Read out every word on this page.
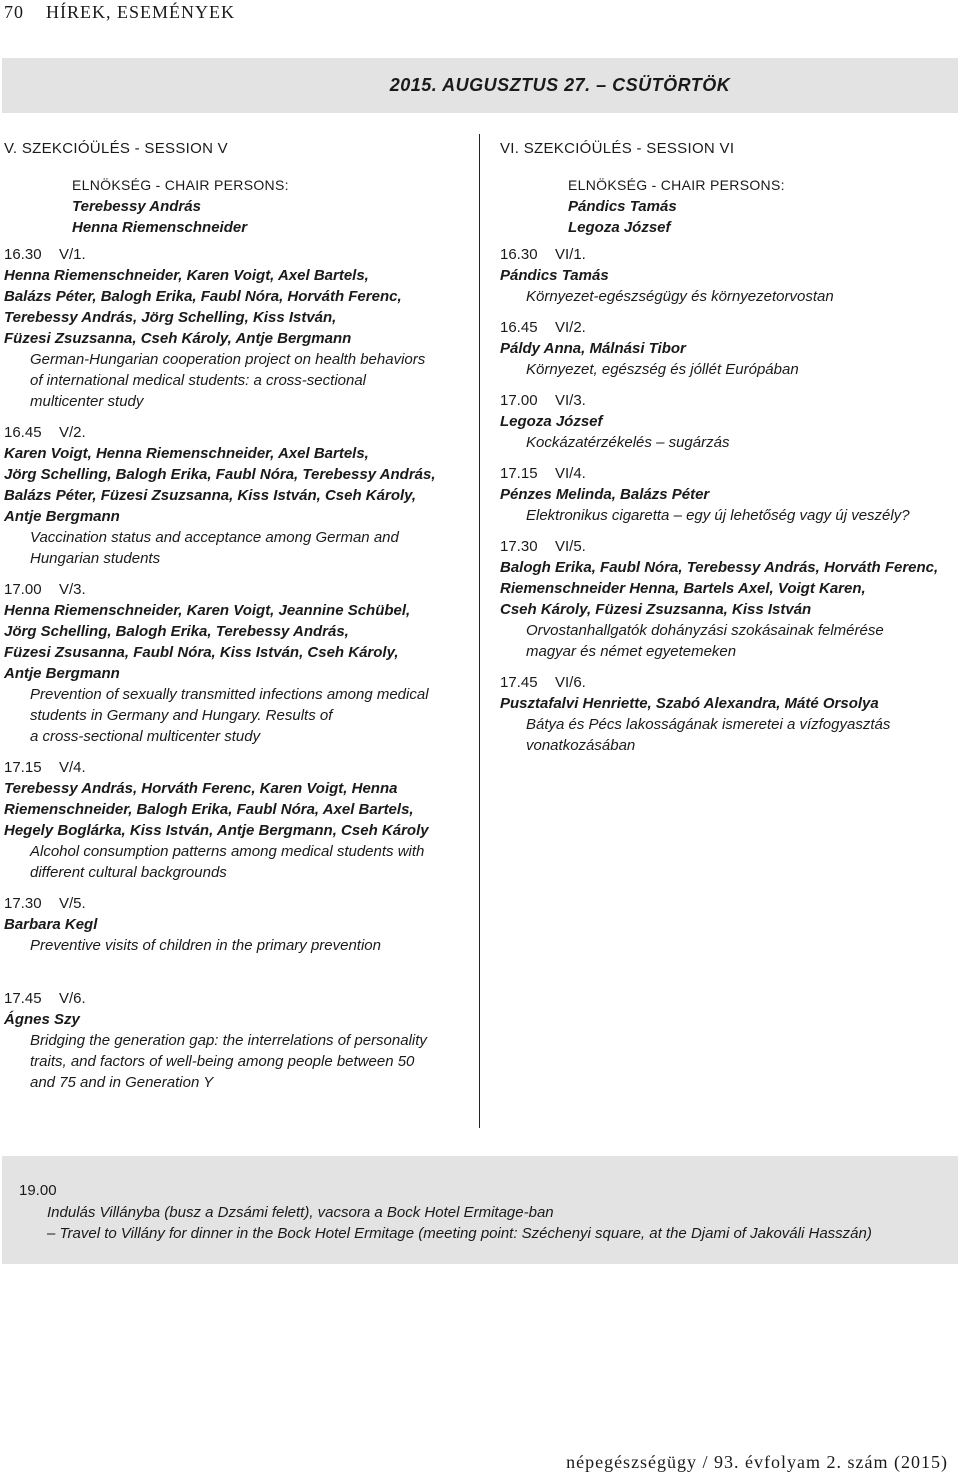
70 HÍREK, ESEMÉNYEK
2015. AUGUSZTUS 27. – CSÜTÖRTÖK
V. SZEKCIÓÜLÉS - SESSION V
ELNÖKSÉG - CHAIR PERSONS:
Terebessy András
Henna Riemenschneider
16.30 V/1.
Henna Riemenschneider, Karen Voigt, Axel Bartels,
Balázs Péter, Balogh Erika, Faubl Nóra, Horváth Ferenc,
Terebessy András, Jörg Schelling, Kiss István,
Füzesi Zsuzsanna, Cseh Károly, Antje Bergmann
German-Hungarian cooperation project on health behaviors
of international medical students: a cross-sectional
multicenter study
16.45 V/2.
Karen Voigt, Henna Riemenschneider, Axel Bartels,
Jörg Schelling, Balogh Erika, Faubl Nóra, Terebessy András,
Balázs Péter, Füzesi Zsuzsanna, Kiss István, Cseh Károly,
Antje Bergmann
Vaccination status and acceptance among German and
Hungarian students
17.00 V/3.
Henna Riemenschneider, Karen Voigt, Jeannine Schübel,
Jörg Schelling, Balogh Erika, Terebessy András,
Füzesi Zsusanna, Faubl Nóra, Kiss István, Cseh Károly,
Antje Bergmann
Prevention of sexually transmitted infections among medical
students in Germany and Hungary. Results of
a cross-sectional multicenter study
17.15 V/4.
Terebessy András, Horváth Ferenc, Karen Voigt, Henna
Riemenschneider, Balogh Erika, Faubl Nóra, Axel Bartels,
Hegely Boglárka, Kiss István, Antje Bergmann, Cseh Károly
Alcohol consumption patterns among medical students with
different cultural backgrounds
17.30 V/5.
Barbara Kegl
Preventive visits of children in the primary prevention
17.45 V/6.
Ágnes Szy
Bridging the generation gap: the interrelations of personality
traits, and factors of well-being among people between 50
and 75 and in Generation Y
VI. SZEKCIÓÜLÉS - SESSION VI
ELNÖKSÉG - CHAIR PERSONS:
Pándics Tamás
Legoza József
16.30 VI/1.
Pándics Tamás
Környezet-egészségügy és környezetorvostan
16.45 VI/2.
Páldy Anna, Málnási Tibor
Környezet, egészség és jóllét Európában
17.00 VI/3.
Legoza József
Kockázatérzékelés – sugárzás
17.15 VI/4.
Pénzes Melinda, Balázs Péter
Elektronikus cigaretta – egy új lehetőség vagy új veszély?
17.30 VI/5.
Balogh Erika, Faubl Nóra, Terebessy András, Horváth Ferenc,
Riemenschneider Henna, Bartels Axel, Voigt Karen,
Cseh Károly, Füzesi Zsuzsanna, Kiss István
Orvostanhallgatók dohányzási szokásainak felmérése
magyar és német egyetemeken
17.45 VI/6.
Pusztafalvi Henriette, Szabó Alexandra, Máté Orsolya
Bátya és Pécs lakosságának ismeretei a vízfogyasztás
vonatkozásában
19.00
Indulás Villányba (busz a Dzsámi felett), vacsora a Bock Hotel Ermitage-ban
– Travel to Villány for dinner in the Bock Hotel Ermitage (meeting point: Széchenyi square, at the Djami of Jakováli Hasszán)
népegészségügy / 93. évfolyam 2. szám (2015)
